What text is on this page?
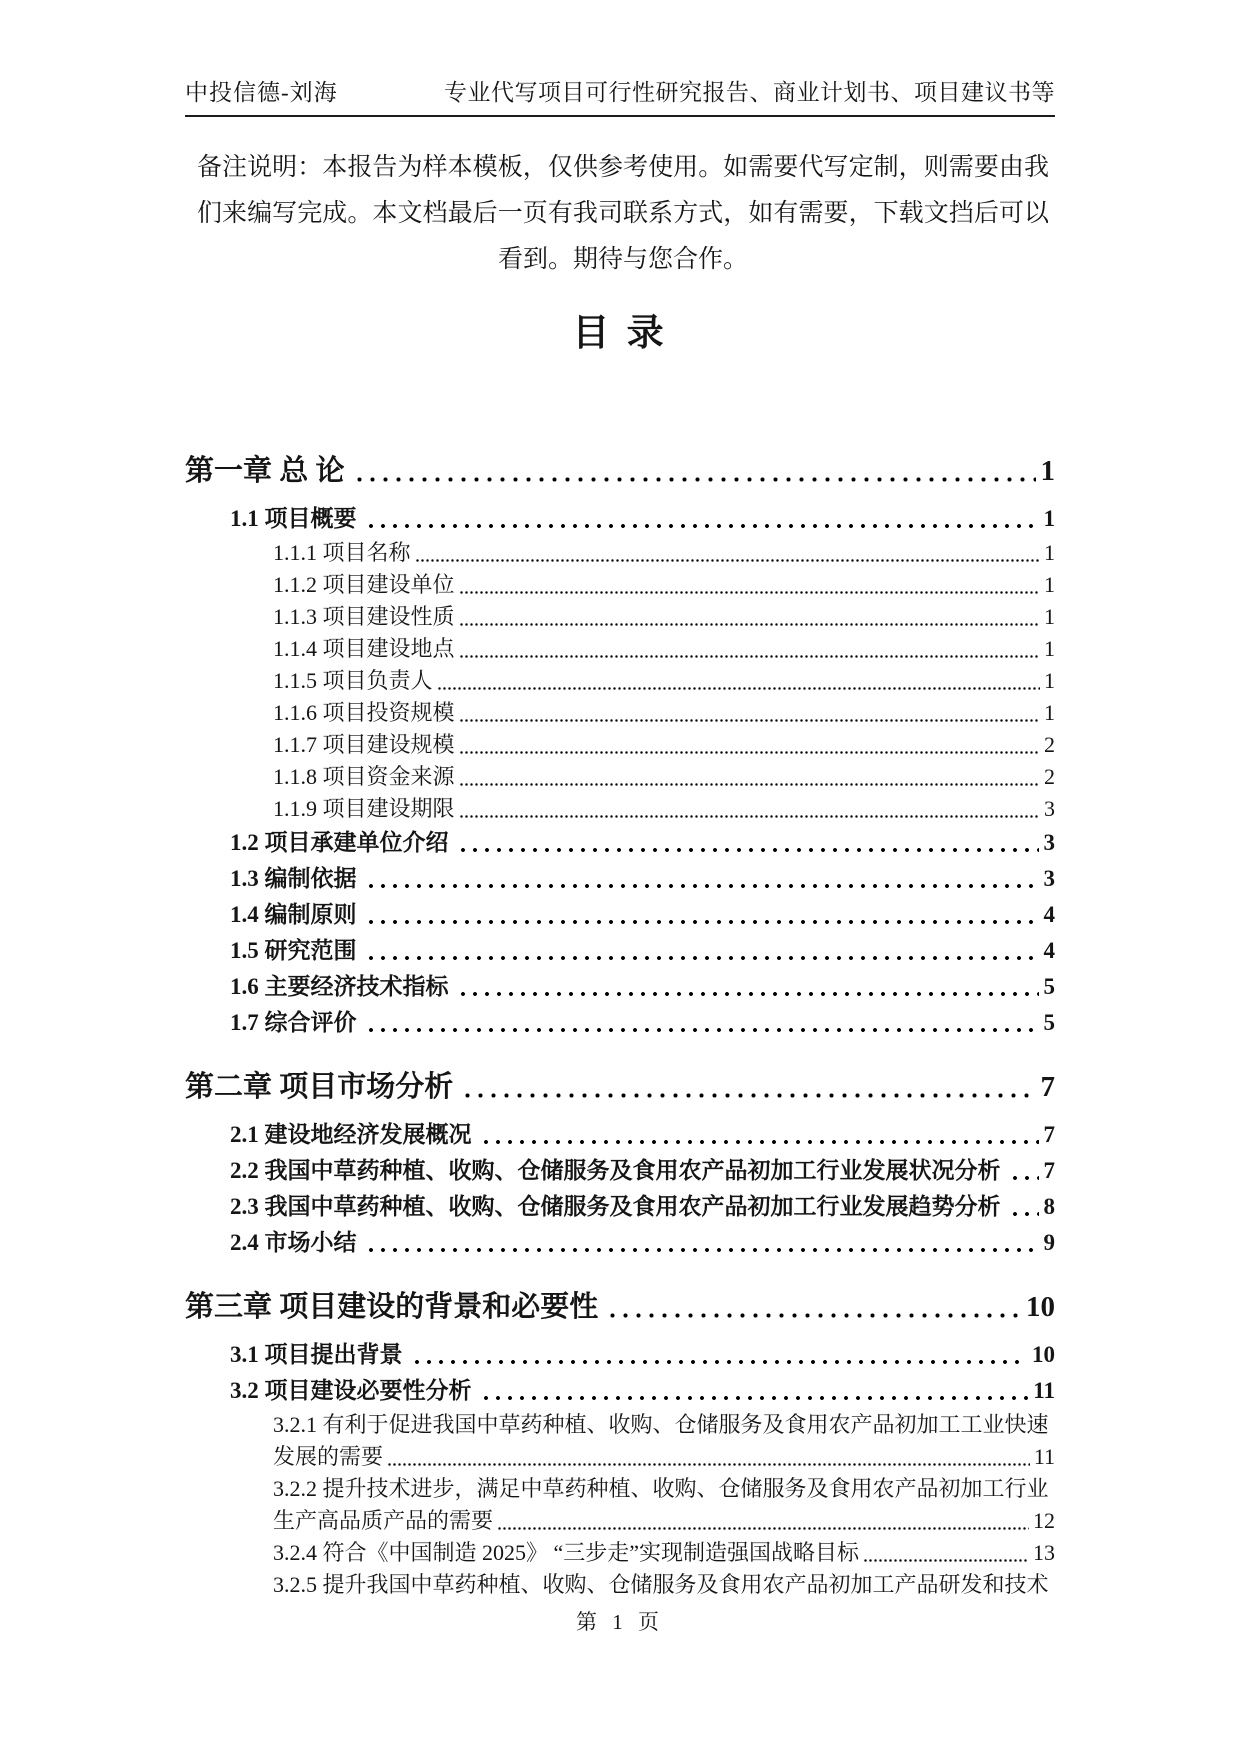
中投信德-刘海	专业代写项目可行性研究报告、商业计划书、项目建议书等
备注说明：本报告为样本模板，仅供参考使用。如需要代写定制，则需要由我
们来编写完成。本文档最后一页有我司联系方式，如有需要，下载文挡后可以
看到。期待与您合作。
目 录
第一章 总 论	1
1.1 项目概要	1
1.1.1 项目名称	1
1.1.2 项目建设单位	1
1.1.3 项目建设性质	1
1.1.4 项目建设地点	1
1.1.5 项目负责人	1
1.1.6 项目投资规模	1
1.1.7 项目建设规模	2
1.1.8 项目资金来源	2
1.1.9 项目建设期限	3
1.2 项目承建单位介绍	3
1.3 编制依据	3
1.4 编制原则	4
1.5 研究范围	4
1.6 主要经济技术指标	5
1.7 综合评价	5
第二章 项目市场分析	7
2.1 建设地经济发展概况	7
2.2 我国中草药种植、收购、仓储服务及食用农产品初加工行业发展状况分析 7
2.3 我国中草药种植、收购、仓储服务及食用农产品初加工行业发展趋势分析 8
2.4 市场小结	9
第三章 项目建设的背景和必要性	10
3.1 项目提出背景	10
3.2 项目建设必要性分析	11
3.2.1 有利于促进我国中草药种植、收购、仓储服务及食用农产品初加工工业快速
发展的需要	11
3.2.2 提升技术进步，满足中草药种植、收购、仓储服务及食用农产品初加工行业
生产高品质产品的需要	12
3.2.4 符合《中国制造 2025》 “三步走”实现制造强国战略目标	13
3.2.5 提升我国中草药种植、收购、仓储服务及食用农产品初加工产品研发和技术
第 1 页
